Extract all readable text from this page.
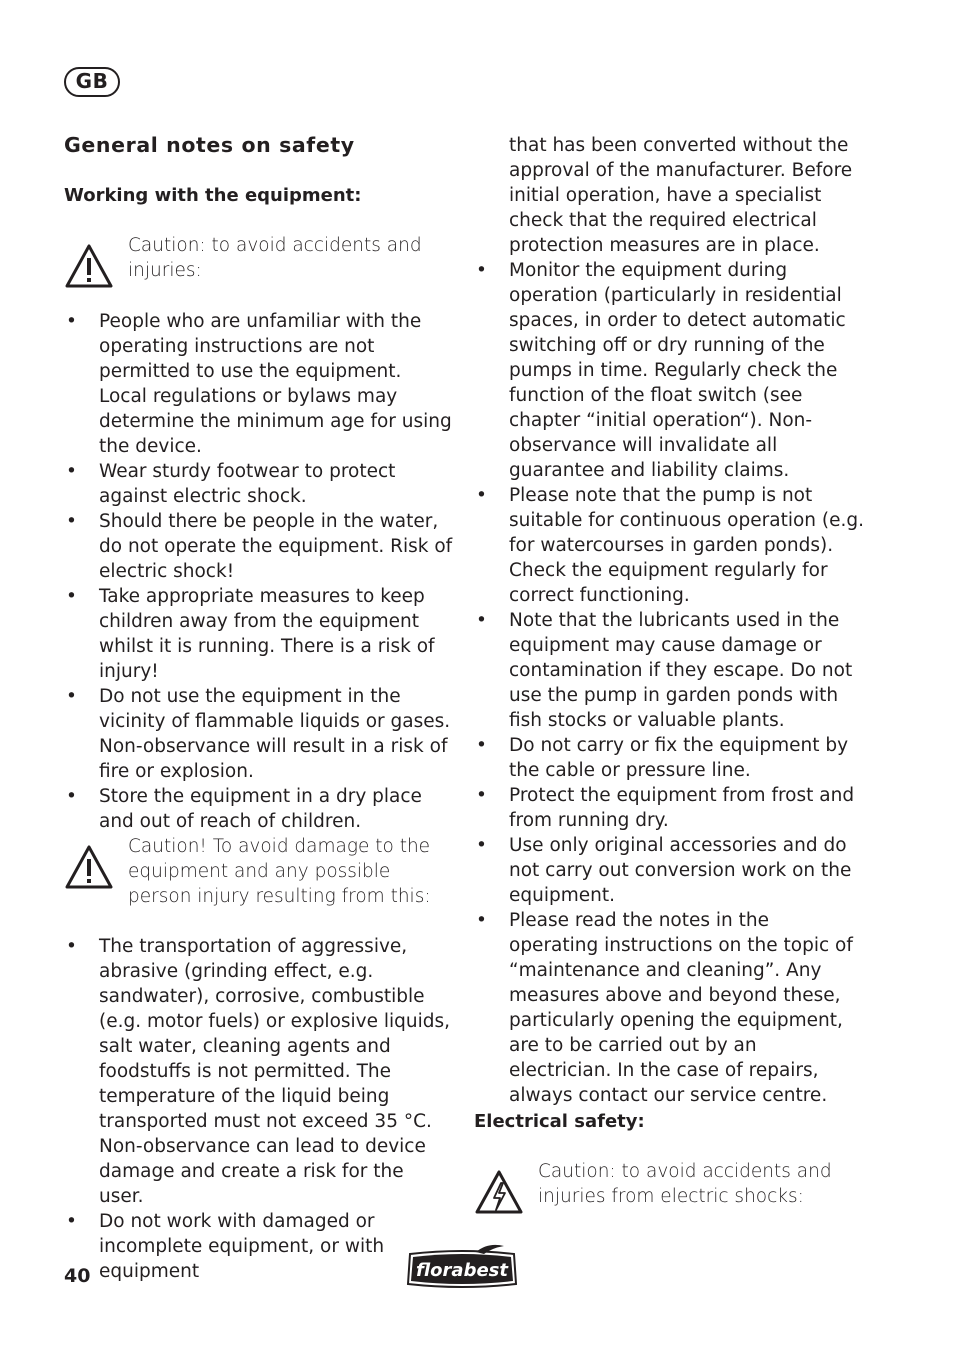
GB
General notes on safety
Working with the equipment:
Caution: to avoid accidents and injuries:
• People who are unfamiliar with the operating instructions are not permitted to use the equipment. Local regulations or bylaws may determine the minimum age for using the device.
• Wear sturdy footwear to protect against electric shock.
• Should there be people in the water, do not operate the equipment. Risk of electric shock!
• Take appropriate measures to keep children away from the equipment whilst it is running. There is a risk of injury!
• Do not use the equipment in the vicinity of flammable liquids or gases. Non-observance will result in a risk of fire or explosion.
• Store the equipment in a dry place and out of reach of children.
Caution! To avoid damage to the equipment and any possible person injury resulting from this:
• The transportation of aggressive, abrasive (grinding effect, e.g. sandwater), corrosive, combustible (e.g. motor fuels) or explosive liquids, salt water, cleaning agents and foodstuffs is not permitted. The temperature of the liquid being transported must not exceed 35 °C. Non-observance can lead to device damage and create a risk for the user.
• Do not work with damaged or incomplete equipment, or with equipment
that has been converted without the approval of the manufacturer. Before initial operation, have a specialist check that the required electrical protection measures are in place.
• Monitor the equipment during operation (particularly in residential spaces, in order to detect automatic switching off or dry running of the pumps in time. Regularly check the function of the float switch (see chapter “initial operation“). Non-observance will invalidate all guarantee and liability claims.
• Please note that the pump is not suitable for continuous operation (e.g. for watercourses in garden ponds). Check the equipment regularly for correct functioning.
• Note that the lubricants used in the equipment may cause damage or contamination if they escape. Do not use the pump in garden ponds with fish stocks or valuable plants.
• Do not carry or fix the equipment by the cable or pressure line.
• Protect the equipment from frost and from running dry.
• Use only original accessories and do not carry out conversion work on the equipment.
• Please read the notes in the operating instructions on the topic of “maintenance and cleaning”. Any measures above and beyond these, particularly opening the equipment, are to be carried out by an electrician. In the case of repairs, always contact our service centre.
Electrical safety:
Caution: to avoid accidents and injuries from electric shocks:
40	florabest
